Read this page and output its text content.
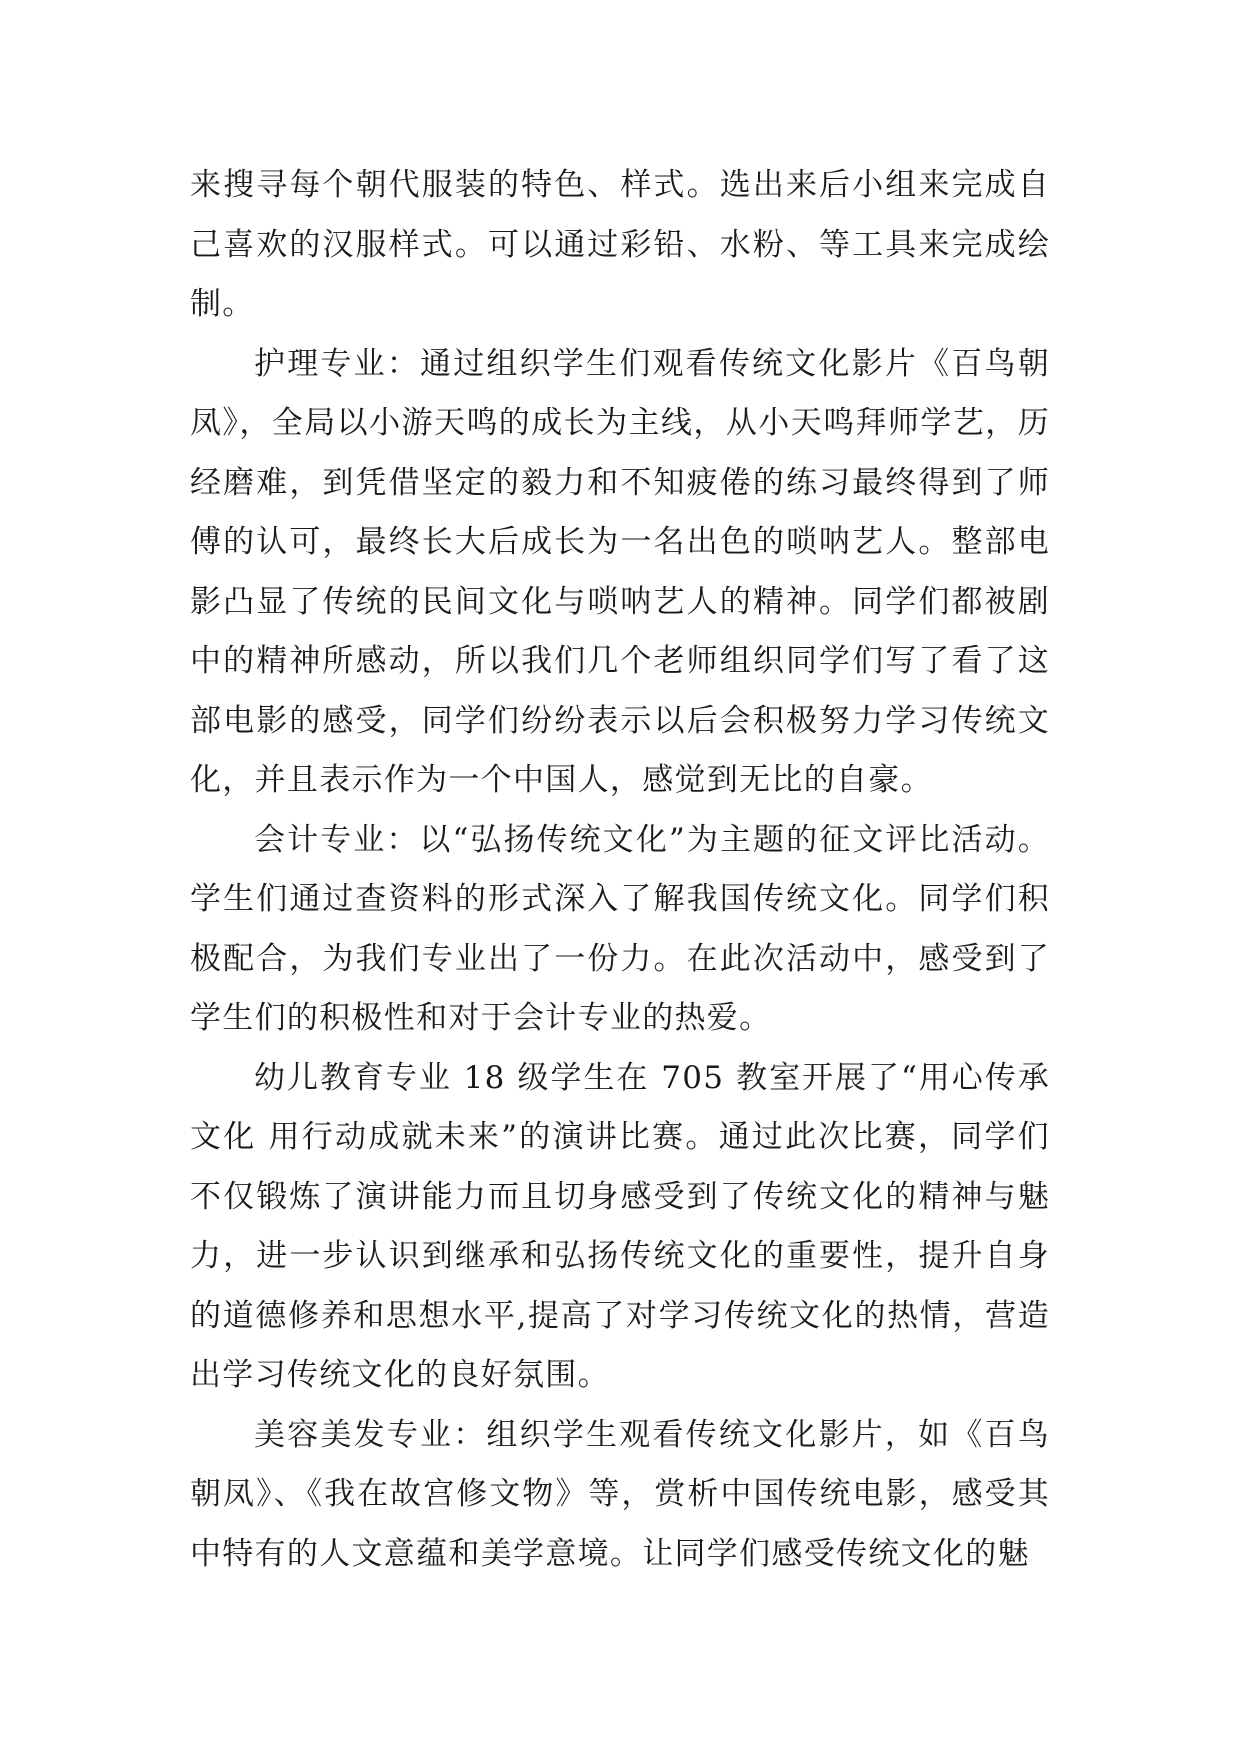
来搜寻每个朝代服装的特色、样式。选出来后小组来完成自己喜欢的汉服样式。可以通过彩铅、水粉、等工具来完成绘制。

护理专业：通过组织学生们观看传统文化影片《百鸟朝凤》，全局以小游天鸣的成长为主线，从小天鸣拜师学艺，历经磨难，到凭借坚定的毅力和不知疲倦的练习最终得到了师傅的认可，最终长大后成长为一名出色的唢呐艺人。整部电影凸显了传统的民间文化与唢呐艺人的精神。同学们都被剧中的精神所感动，所以我们几个老师组织同学们写了看了这部电影的感受，同学们纷纷表示以后会积极努力学习传统文化，并且表示作为一个中国人，感觉到无比的自豪。

会计专业：以“弘扬传统文化”为主题的征文评比活动。学生们通过查资料的形式深入了解我国传统文化。同学们积极配合，为我们专业出了一份力。在此次活动中，感受到了学生们的积极性和对于会计专业的热爱。

幼儿教育专业 18 级学生在 705 教室开展了“用心传承文化 用行动成就未来”的演讲比赛。通过此次比赛，同学们不仅锻炼了演讲能力而且切身感受到了传统文化的精神与魅力，进一步认识到继承和弘扬传统文化的重要性，提升自身的道德修养和思想水平,提高了对学习传统文化的热情，营造出学习传统文化的良好氛围。

美容美发专业：组织学生观看传统文化影片，如《百鸟朝凤》、《我在故宫修文物》等，赏析中国传统电影，感受其中特有的人文意蕴和美学意境。让同学们感受传统文化的魅
